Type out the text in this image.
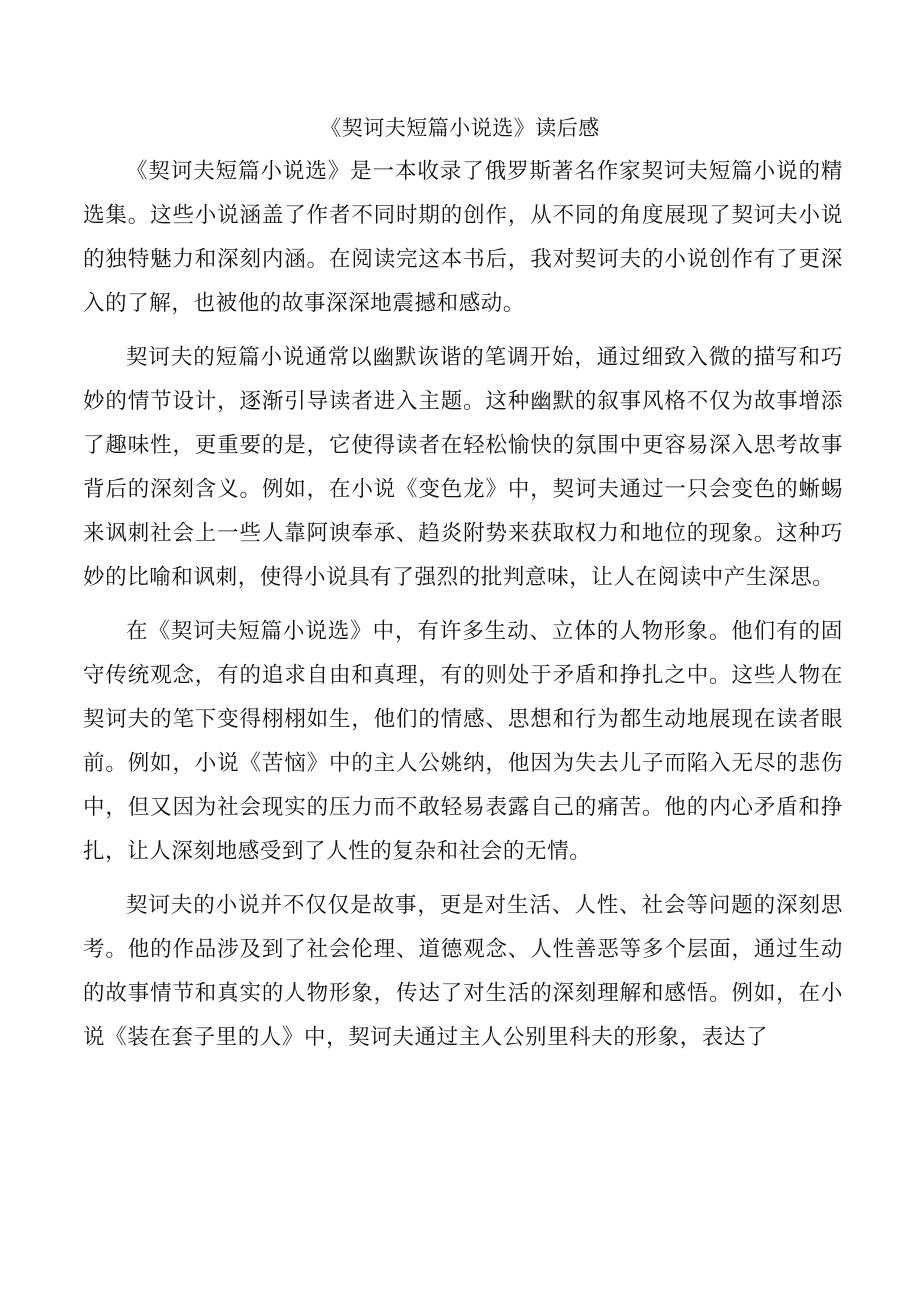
《契诃夫短篇小说选》读后感

《契诃夫短篇小说选》是一本收录了俄罗斯著名作家契诃夫短篇小说的精选集。这些小说涵盖了作者不同时期的创作，从不同的角度展现了契诃夫小说的独特魅力和深刻内涵。在阅读完这本书后，我对契诃夫的小说创作有了更深入的了解，也被他的故事深深地震撼和感动。

契诃夫的短篇小说通常以幽默诙谐的笔调开始，通过细致入微的描写和巧妙的情节设计，逐渐引导读者进入主题。这种幽默的叙事风格不仅为故事增添了趣味性，更重要的是，它使得读者在轻松愉快的氛围中更容易深入思考故事背后的深刻含义。例如，在小说《变色龙》中，契诃夫通过一只会变色的蜥蜴来讽刺社会上一些人靠阿谀奉承、趋炎附势来获取权力和地位的现象。这种巧妙的比喻和讽刺，使得小说具有了强烈的批判意味，让人在阅读中产生深思。

在《契诃夫短篇小说选》中，有许多生动、立体的人物形象。他们有的固守传统观念，有的追求自由和真理，有的则处于矛盾和挣扎之中。这些人物在契诃夫的笔下变得栩栩如生，他们的情感、思想和行为都生动地展现在读者眼前。例如，小说《苦恼》中的主人公姚纳，他因为失去儿子而陷入无尽的悲伤中，但又因为社会现实的压力而不敢轻易表露自己的痛苦。他的内心矛盾和挣扎，让人深刻地感受到了人性的复杂和社会的无情。

契诃夫的小说并不仅仅是故事，更是对生活、人性、社会等问题的深刻思考。他的作品涉及到了社会伦理、道德观念、人性善恶等多个层面，通过生动的故事情节和真实的人物形象，传达了对生活的深刻理解和感悟。例如，在小说《装在套子里的人》中，契诃夫通过主人公别里科夫的形象，表达了
